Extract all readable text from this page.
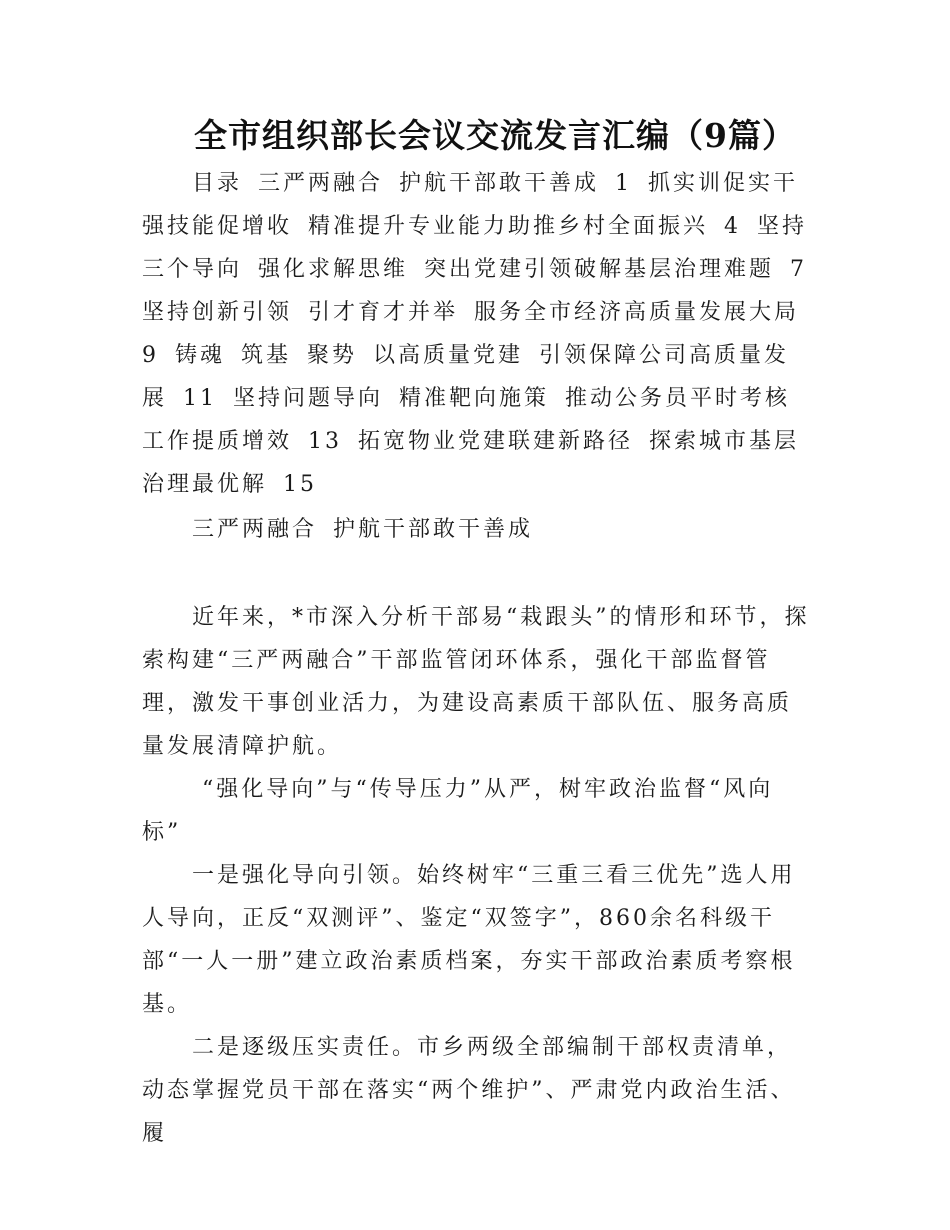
全市组织部长会议交流发言汇编（9篇）
目录 三严两融合 护航干部敢干善成 1 抓实训促实干 强技能促增收 精准提升专业能力助推乡村全面振兴 4 坚持三个导向 强化求解思维 突出党建引领破解基层治理难题 7 坚持创新引领 引才育才并举 服务全市经济高质量发展大局 9 铸魂 筑基 聚势 以高质量党建 引领保障公司高质量发展 11 坚持问题导向 精准靶向施策 推动公务员平时考核工作提质增效 13 拓宽物业党建联建新路径 探索城市基层治理最优解 15
三严两融合 护航干部敢干善成

近年来，*市深入分析干部易“栽跟头”的情形和环节，探索构建“三严两融合”干部监管闭环体系，强化干部监督管理，激发干事创业活力，为建设高素质干部队伍、服务高质量发展清障护航。

“强化导向”与“传导压力”从严，树牢政治监督“风向标”

一是强化导向引领。始终树牢“三重三看三优先”选人用人导向，正反“双测评”、鉴定“双签字”，860余名科级干部“一人一册”建立政治素质档案，夯实干部政治素质考察根基。

二是逐级压实责任。市乡两级全部编制干部权责清单，动态掌握党员干部在落实“两个维护”、严肃党内政治生活、履
